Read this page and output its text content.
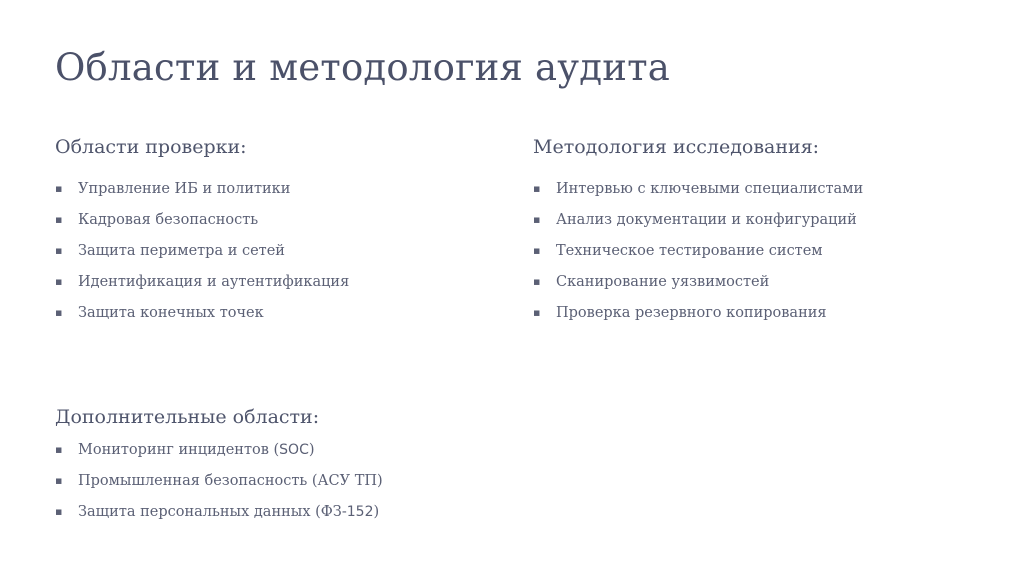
Области и методология аудита
Области проверки:
▪ Управление ИБ и политики
▪ Кадровая безопасность
▪ Защита периметра и сетей
▪ Идентификация и аутентификация
▪ Защита конечных точек
Методология исследования:
▪ Интервью с ключевыми специалистами
▪ Анализ документации и конфигураций
▪ Техническое тестирование систем
▪ Сканирование уязвимостей
▪ Проверка резервного копирования
Дополнительные области:
▪ Мониторинг инцидентов (SOC)
▪ Промышленная безопасность (АСУ ТП)
▪ Защита персональных данных (ФЗ-152)
